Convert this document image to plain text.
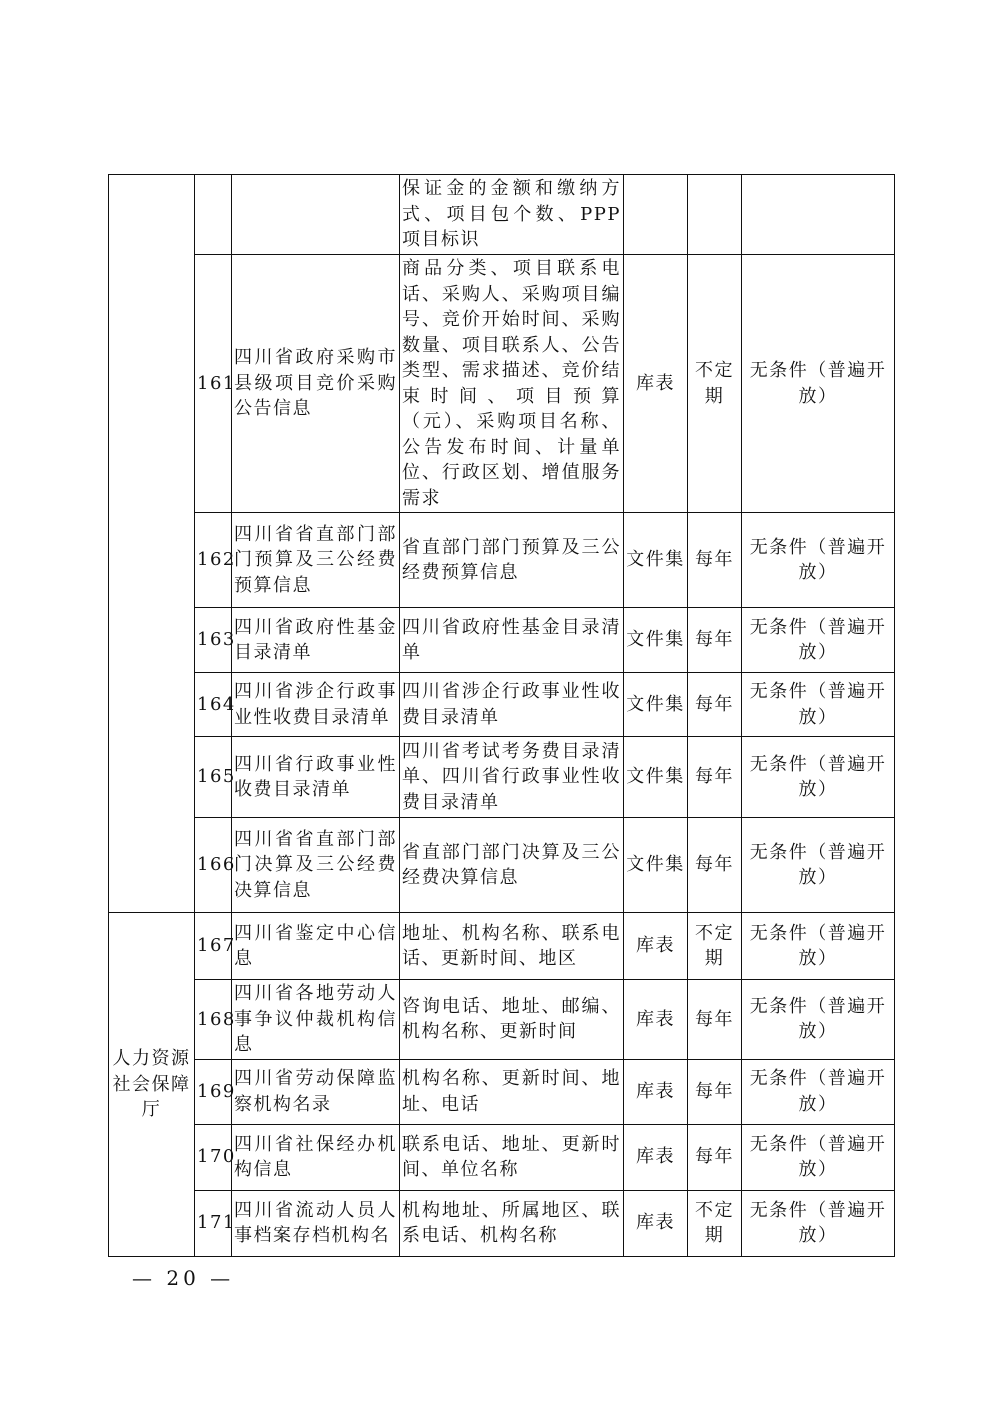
			保证金的金额和缴纳方式、项目包个数、PPP 项目标识			
	161	四川省政府采购市县级项目竞价采购公告信息	商品分类、项目联系电话、采购人、采购项目编号、竞价开始时间、采购数量、项目联系人、公告类型、需求描述、竞价结束时间、项目预算（元）、采购项目名称、公告发布时间、计量单位、行政区划、增值服务需求	库表	不定期	无条件（普遍开放）
	162	四川省省直部门部门预算及三公经费预算信息	省直部门部门预算及三公经费预算信息	文件集	每年	无条件（普遍开放）
	163	四川省政府性基金目录清单	四川省政府性基金目录清单	文件集	每年	无条件（普遍开放）
	164	四川省涉企行政事业性收费目录清单	四川省涉企行政事业性收费目录清单	文件集	每年	无条件（普遍开放）
	165	四川省行政事业性收费目录清单	四川省考试考务费目录清单、四川省行政事业性收费目录清单	文件集	每年	无条件（普遍开放）
	166	四川省省直部门部门决算及三公经费决算信息	省直部门部门决算及三公经费决算信息	文件集	每年	无条件（普遍开放）
人力资源社会保障厅	167	四川省鉴定中心信息	地址、机构名称、联系电话、更新时间、地区	库表	不定期	无条件（普遍开放）
	168	四川省各地劳动人事争议仲裁机构信息	咨询电话、地址、邮编、机构名称、更新时间	库表	每年	无条件（普遍开放）
	169	四川省劳动保障监察机构名录	机构名称、更新时间、地址、电话	库表	每年	无条件（普遍开放）
	170	四川省社保经办机构信息	联系电话、地址、更新时间、单位名称	库表	每年	无条件（普遍开放）
	171	四川省流动人员人事档案存档机构名	机构地址、所属地区、联系电话、机构名称	库表	不定期	无条件（普遍开放）
— 20 —
